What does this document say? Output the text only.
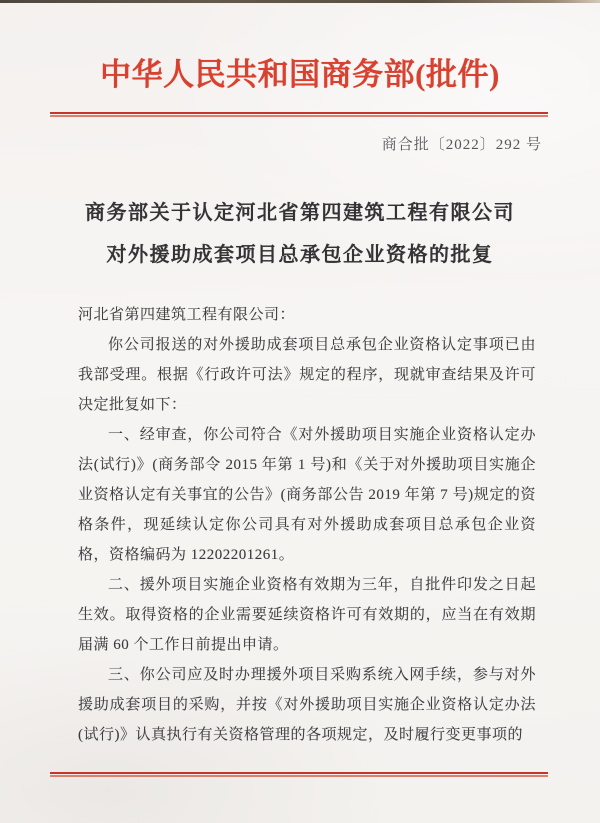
中华人民共和国商务部(批件)
商合批〔2022〕292 号
商务部关于认定河北省第四建筑工程有限公司
对外援助成套项目总承包企业资格的批复

河北省第四建筑工程有限公司：

你公司报送的对外援助成套项目总承包企业资格认定事项已由我部受理。根据《行政许可法》规定的程序，现就审查结果及许可决定批复如下：

一、经审查，你公司符合《对外援助项目实施企业资格认定办法(试行)》(商务部令 2015 年第 1 号)和《关于对外援助项目实施企业资格认定有关事宜的公告》(商务部公告 2019 年第 7 号)规定的资格条件，现延续认定你公司具有对外援助成套项目总承包企业资格，资格编码为 12202201261。

二、援外项目实施企业资格有效期为三年，自批件印发之日起生效。取得资格的企业需要延续资格许可有效期的，应当在有效期届满 60 个工作日前提出申请。

三、你公司应及时办理援外项目采购系统入网手续，参与对外援助成套项目的采购，并按《对外援助项目实施企业资格认定办法(试行)》认真执行有关资格管理的各项规定，及时履行变更事项的
